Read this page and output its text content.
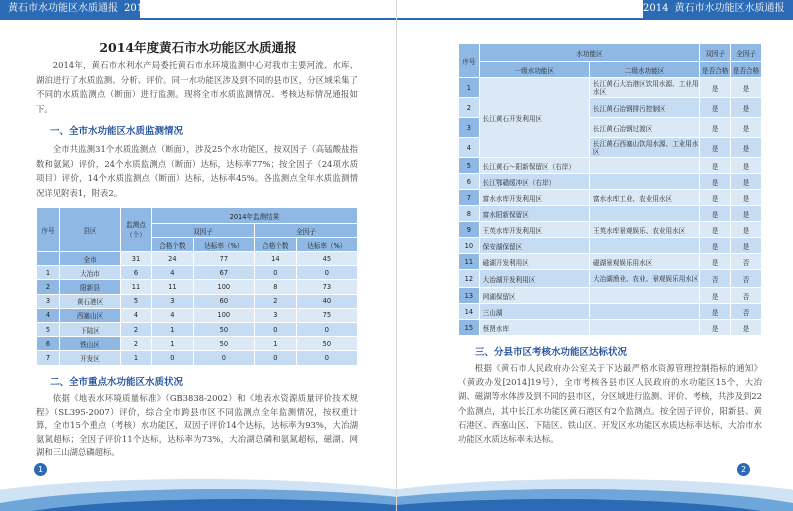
黄石市水功能区水质通报 2014
2014年度黄石市水功能区水质通报
2014年，黄石市水利水产局委托黄石市水环境监测中心对我市主要河流、水库、湖泊进行了水质监测、分析、评价。同一水功能区涉及到不同的县市区，分区域采集了不同的水质监测点（断面）进行监测。现将全市水质监测情况、考核达标情况通报如下。
一、全市水功能区水质监测情况
全市共监测31个水质监测点（断面），涉及25个水功能区，按双因子（高锰酸盐指数和氨氮）评价，24个水质监测点（断面）达标，达标率77%；按全因子（24项水质项目）评价，14个水质监测点（断面）达标，达标率45%。各监测点全年水质监测情况详见附表1，附表2。
序号	县区	监测点（个）	2014年监测结果			
			双因子		全因子	
			合格个数	达标率（%）	合格个数	达标率（%）
	全市	31	24	77	14	45
1	大冶市	6	4	67	0	0
2	阳新县	11	11	100	8	73
3	黄石港区	5	3	60	2	40
4	西塞山区	4	4	100	3	75
5	下陆区	2	1	50	0	0
6	铁山区	2	1	50	1	50
7	开发区	1	0	0	0	0
二、全市重点水功能区水质状况
依据《地表水环境质量标准》（GB3838-2002）和《地表水资源质量评价技术规程》（SL395-2007）评价，综合全市跨县市区不同监测点全年监测情况，按权重计算，全市15个重点（考核）水功能区，双因子评价14个达标，达标率为93%，大冶湖氨氮超标；全因子评价11个达标，达标率为73%，大冶湖总磷和氨氮超标，磁湖、网湖和三山湖总磷超标。
1
2014 黄石市水功能区水质通报
序号	水功能区		双因子	全因子
	一级水功能区	二级水功能区	是否合格	是否合格
1	长江黄石开发利用区	长江黄石大冶港区饮用水源、工业用水区	是	是
2		长江黄石冶钢排污控制区	是	是
3		长江黄石冶钢过渡区	是	是
4		长江黄石西塞山饮用水源、工业用水区	是	是
5	长江黄石～阳新保留区（右岸）		是	是
6	长江鄂赣缓冲区（右岸）		是	是
7	富水水库开发利用区	富水水库工业、农业用水区	是	是
8	富水阳新保留区		是	是
9	王英水库开发利用区	王英水库景观娱乐、农业用水区	是	是
10	保安湖保留区		是	是
11	磁湖开发利用区	磁湖景观娱乐用水区	是	否
12	大冶湖开发利用区	大冶湖渔业、农业、景观娱乐用水区	否	否
13	网湖保留区		是	否
14	三山湖		是	否
15	蔡贤水库		是	是
三、分县市区考核水功能区达标状况
根据《黄石市人民政府办公室关于下达最严格水资源管理控制指标的通知》（黄政办发[2014]19号），全市考核各县市区人民政府的水功能区15个，大冶湖、磁湖等水体涉及到不同的县市区，分区域进行监测、评价、考核，共涉及到22个监测点，其中长江水功能区黄石港区有2个监测点。按全因子评价，阳新县、黄石港区、西塞山区、下陆区、铁山区、开发区水功能区水质达标率达标，大冶市水功能区水质达标率未达标。
2
